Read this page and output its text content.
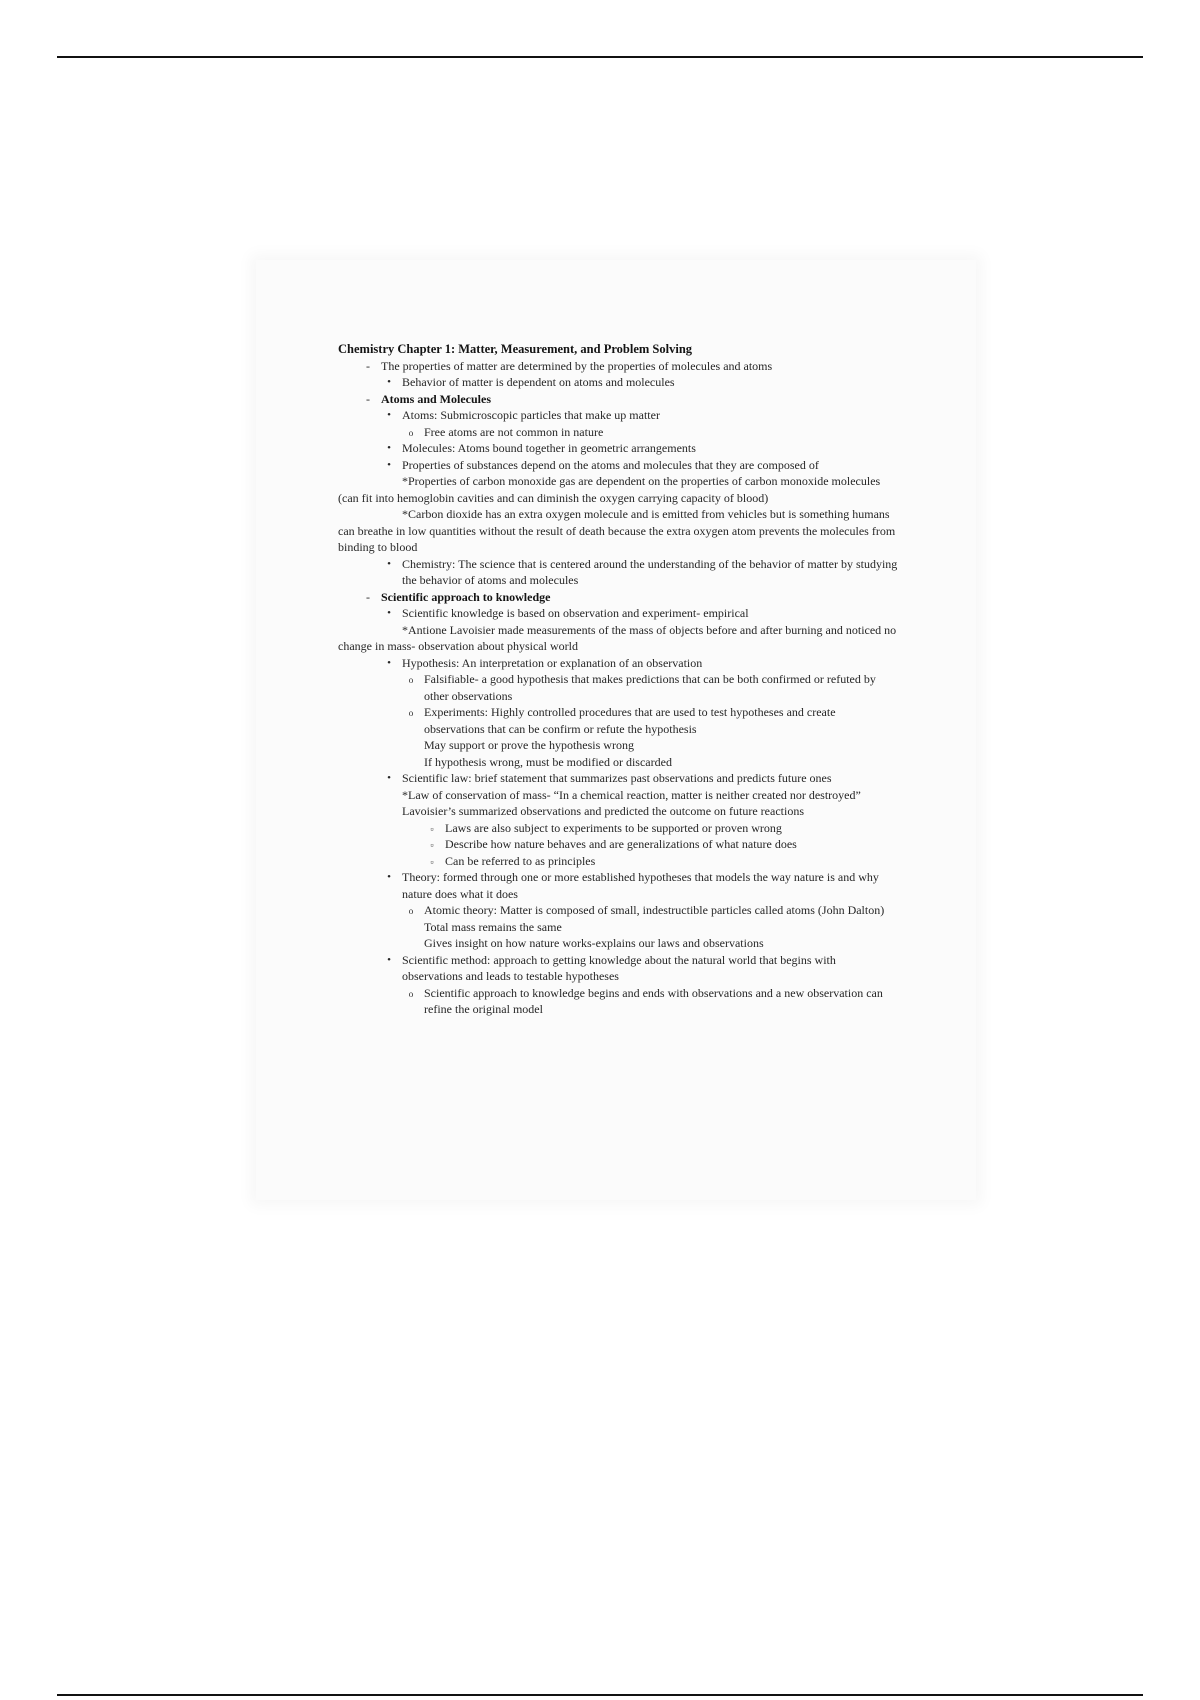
Chemistry Chapter 1: Matter, Measurement, and Problem Solving
- The properties of matter are determined by the properties of molecules and atoms
• Behavior of matter is dependent on atoms and molecules
- Atoms and Molecules
• Atoms: Submicroscopic particles that make up matter
o Free atoms are not common in nature
• Molecules: Atoms bound together in geometric arrangements
• Properties of substances depend on the atoms and molecules that they are composed of
*Properties of carbon monoxide gas are dependent on the properties of carbon monoxide molecules (can fit into hemoglobin cavities and can diminish the oxygen carrying capacity of blood)
*Carbon dioxide has an extra oxygen molecule and is emitted from vehicles but is something humans can breathe in low quantities without the result of death because the extra oxygen atom prevents the molecules from binding to blood
• Chemistry: The science that is centered around the understanding of the behavior of matter by studying the behavior of atoms and molecules
- Scientific approach to knowledge
• Scientific knowledge is based on observation and experiment- empirical
*Antione Lavoisier made measurements of the mass of objects before and after burning and noticed no change in mass- observation about physical world
• Hypothesis: An interpretation or explanation of an observation
o Falsifiable- a good hypothesis that makes predictions that can be both confirmed or refuted by other observations
o Experiments: Highly controlled procedures that are used to test hypotheses and create observations that can be confirm or refute the hypothesis
May support or prove the hypothesis wrong
If hypothesis wrong, must be modified or discarded
• Scientific law: brief statement that summarizes past observations and predicts future ones
*Law of conservation of mass- “In a chemical reaction, matter is neither created nor destroyed”
Lavoisier’s summarized observations and predicted the outcome on future reactions
▫ Laws are also subject to experiments to be supported or proven wrong
▫ Describe how nature behaves and are generalizations of what nature does
▫ Can be referred to as principles
• Theory: formed through one or more established hypotheses that models the way nature is and why nature does what it does
o Atomic theory: Matter is composed of small, indestructible particles called atoms (John Dalton)
Total mass remains the same
Gives insight on how nature works-explains our laws and observations
• Scientific method: approach to getting knowledge about the natural world that begins with observations and leads to testable hypotheses
o Scientific approach to knowledge begins and ends with observations and a new observation can refine the original model
